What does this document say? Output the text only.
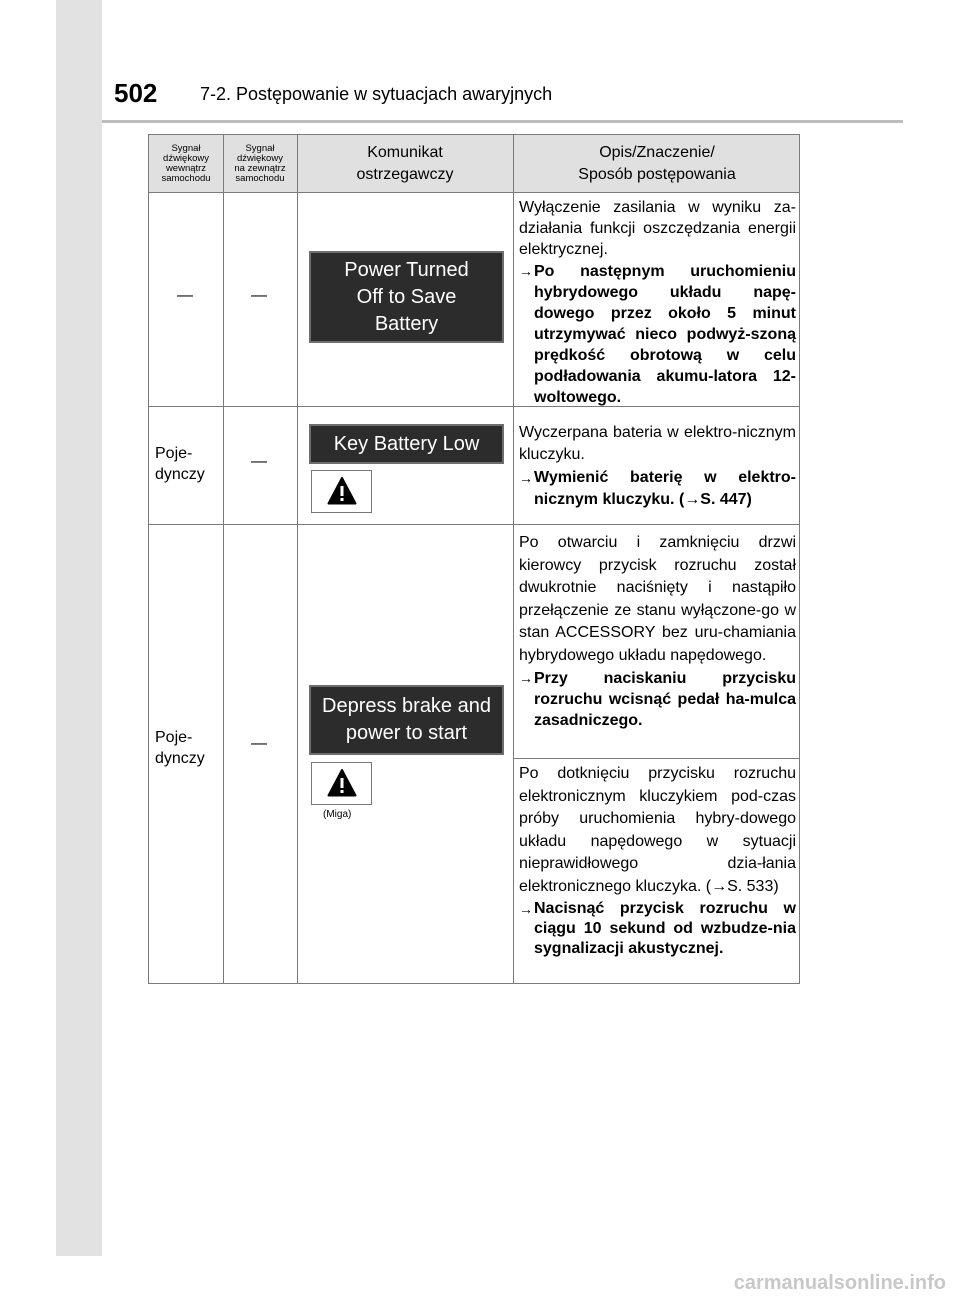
502 7-2. Postępowanie w sytuacjach awaryjnych
Sygnał
dźwiękowy
wewnątrz
samochodu
Sygnał
dźwiękowy
na zewnątrz
samochodu
Komunikat
ostrzegawczy
Opis/Znaczenie/
Sposób postępowania
—	—
Power Turned
Off to Save
Battery

Wyłączenie zasilania w wyniku za-działania funkcji oszczędzania energii elektrycznej.

→ Po następnym uruchomieniu hybrydowego układu napę-dowego przez około 5 minut utrzymywać nieco podwyż-szoną prędkość obrotową w celu podładowania akumu-latora 12-woltowego.
Poje-
dynczy
—
Key Battery Low	Wyczerpana bateria w elektro-nicznym kluczyku.

→ Wymienić baterię w elektro-nicznym kluczyku. (→S. 447)
Poje-
dynczy
—
Depress brake and
power to start
(Miga)

Po otwarciu i zamknięciu drzwi kierowcy przycisk rozruchu został dwukrotnie naciśnięty i nastąpiło przełączenie ze stanu wyłączone-go w stan ACCESSORY bez uru-chamiania hybrydowego układu napędowego.

→ Przy naciskaniu przycisku rozruchu wcisnąć pedał ha-mulca zasadniczego.

Po dotknięciu przycisku rozruchu elektronicznym kluczykiem pod-czas próby uruchomienia hybry-dowego układu napędowego w sytuacji nieprawidłowego dzia-łania elektronicznego kluczyka. (→S. 533)

→ Nacisnąć przycisk rozruchu w ciągu 10 sekund od wzbudze-nia sygnalizacji akustycznej.
carmanualsonline.info
